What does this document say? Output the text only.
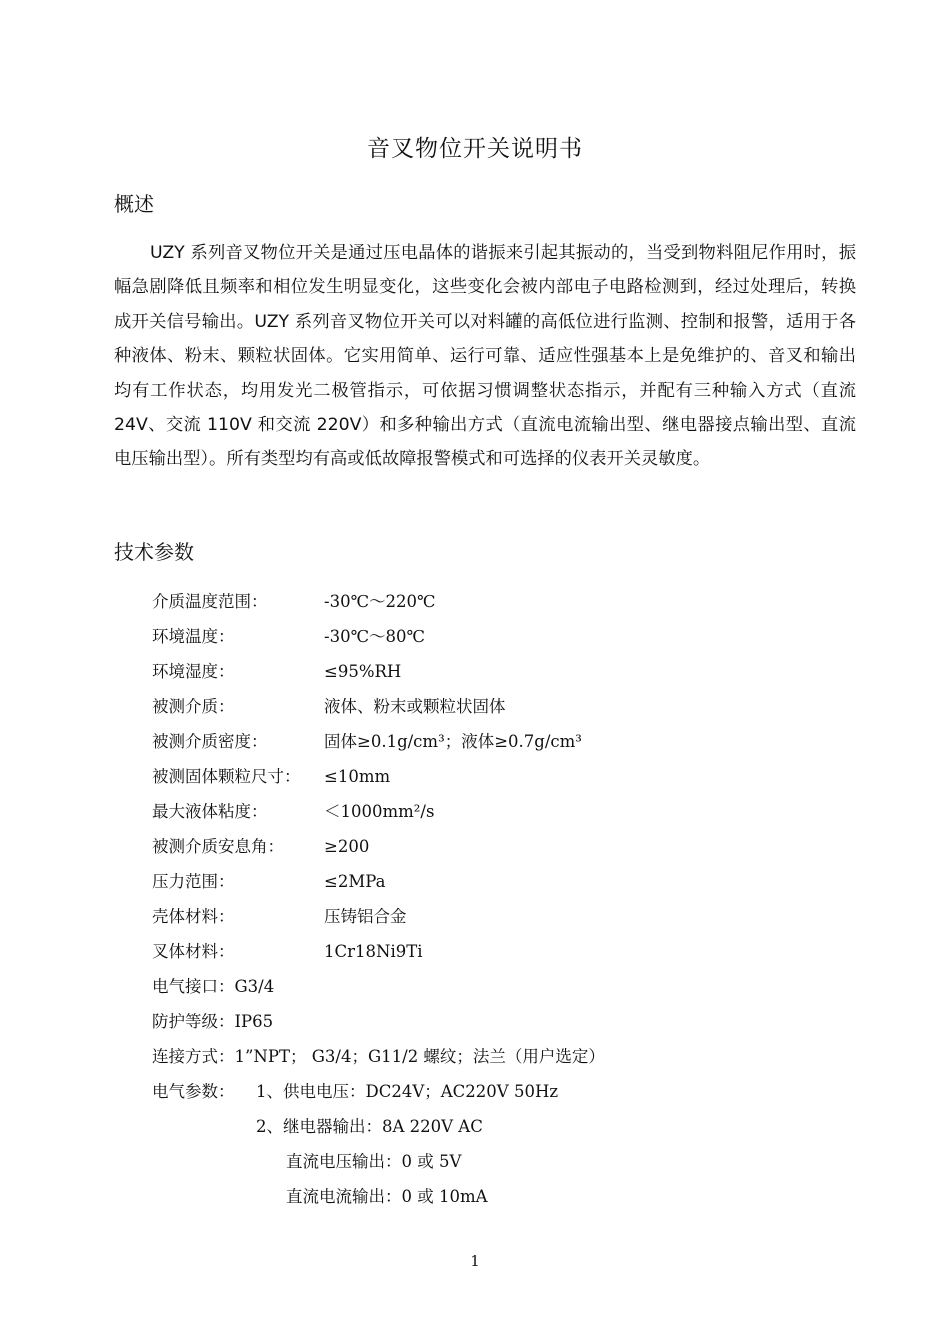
音叉物位开关说明书
概述
UZY 系列音叉物位开关是通过压电晶体的谐振来引起其振动的，当受到物料阻尼作用时，振幅急剧降低且频率和相位发生明显变化，这些变化会被内部电子电路检测到，经过处理后，转换成开关信号输出。UZY 系列音叉物位开关可以对料罐的高低位进行监测、控制和报警，适用于各种液体、粉末、颗粒状固体。它实用简单、运行可靠、适应性强基本上是免维护的、音叉和输出均有工作状态，均用发光二极管指示，可依据习惯调整状态指示，并配有三种输入方式（直流 24V、交流 110V 和交流 220V）和多种输出方式（直流电流输出型、继电器接点输出型、直流电压输出型）。所有类型均有高或低故障报警模式和可选择的仪表开关灵敏度。
技术参数
介质温度范围：	-30℃～220℃
环境温度：	-30℃～80℃
环境湿度：	≤95%RH
被测介质：	液体、粉末或颗粒状固体
被测介质密度：	固体≥0.1g/cm³；液体≥0.7g/cm³
被测固体颗粒尺寸：	≤10mm
最大液体粘度：	＜1000mm²/s
被测介质安息角：	≥200
压力范围：	≤2MPa
壳体材料：	压铸铝合金
叉体材料：	1Cr18Ni9Ti
电气接口： G3/4
防护等级： IP65
连接方式： 1”NPT； G3/4；G11/2 螺纹；法兰（用户选定）
电气参数：	1、供电电压：DC24V；AC220V 50Hz
2、继电器输出：8A 220V AC
直流电压输出：0 或 5V
直流电流输出：0 或 10mA
1
